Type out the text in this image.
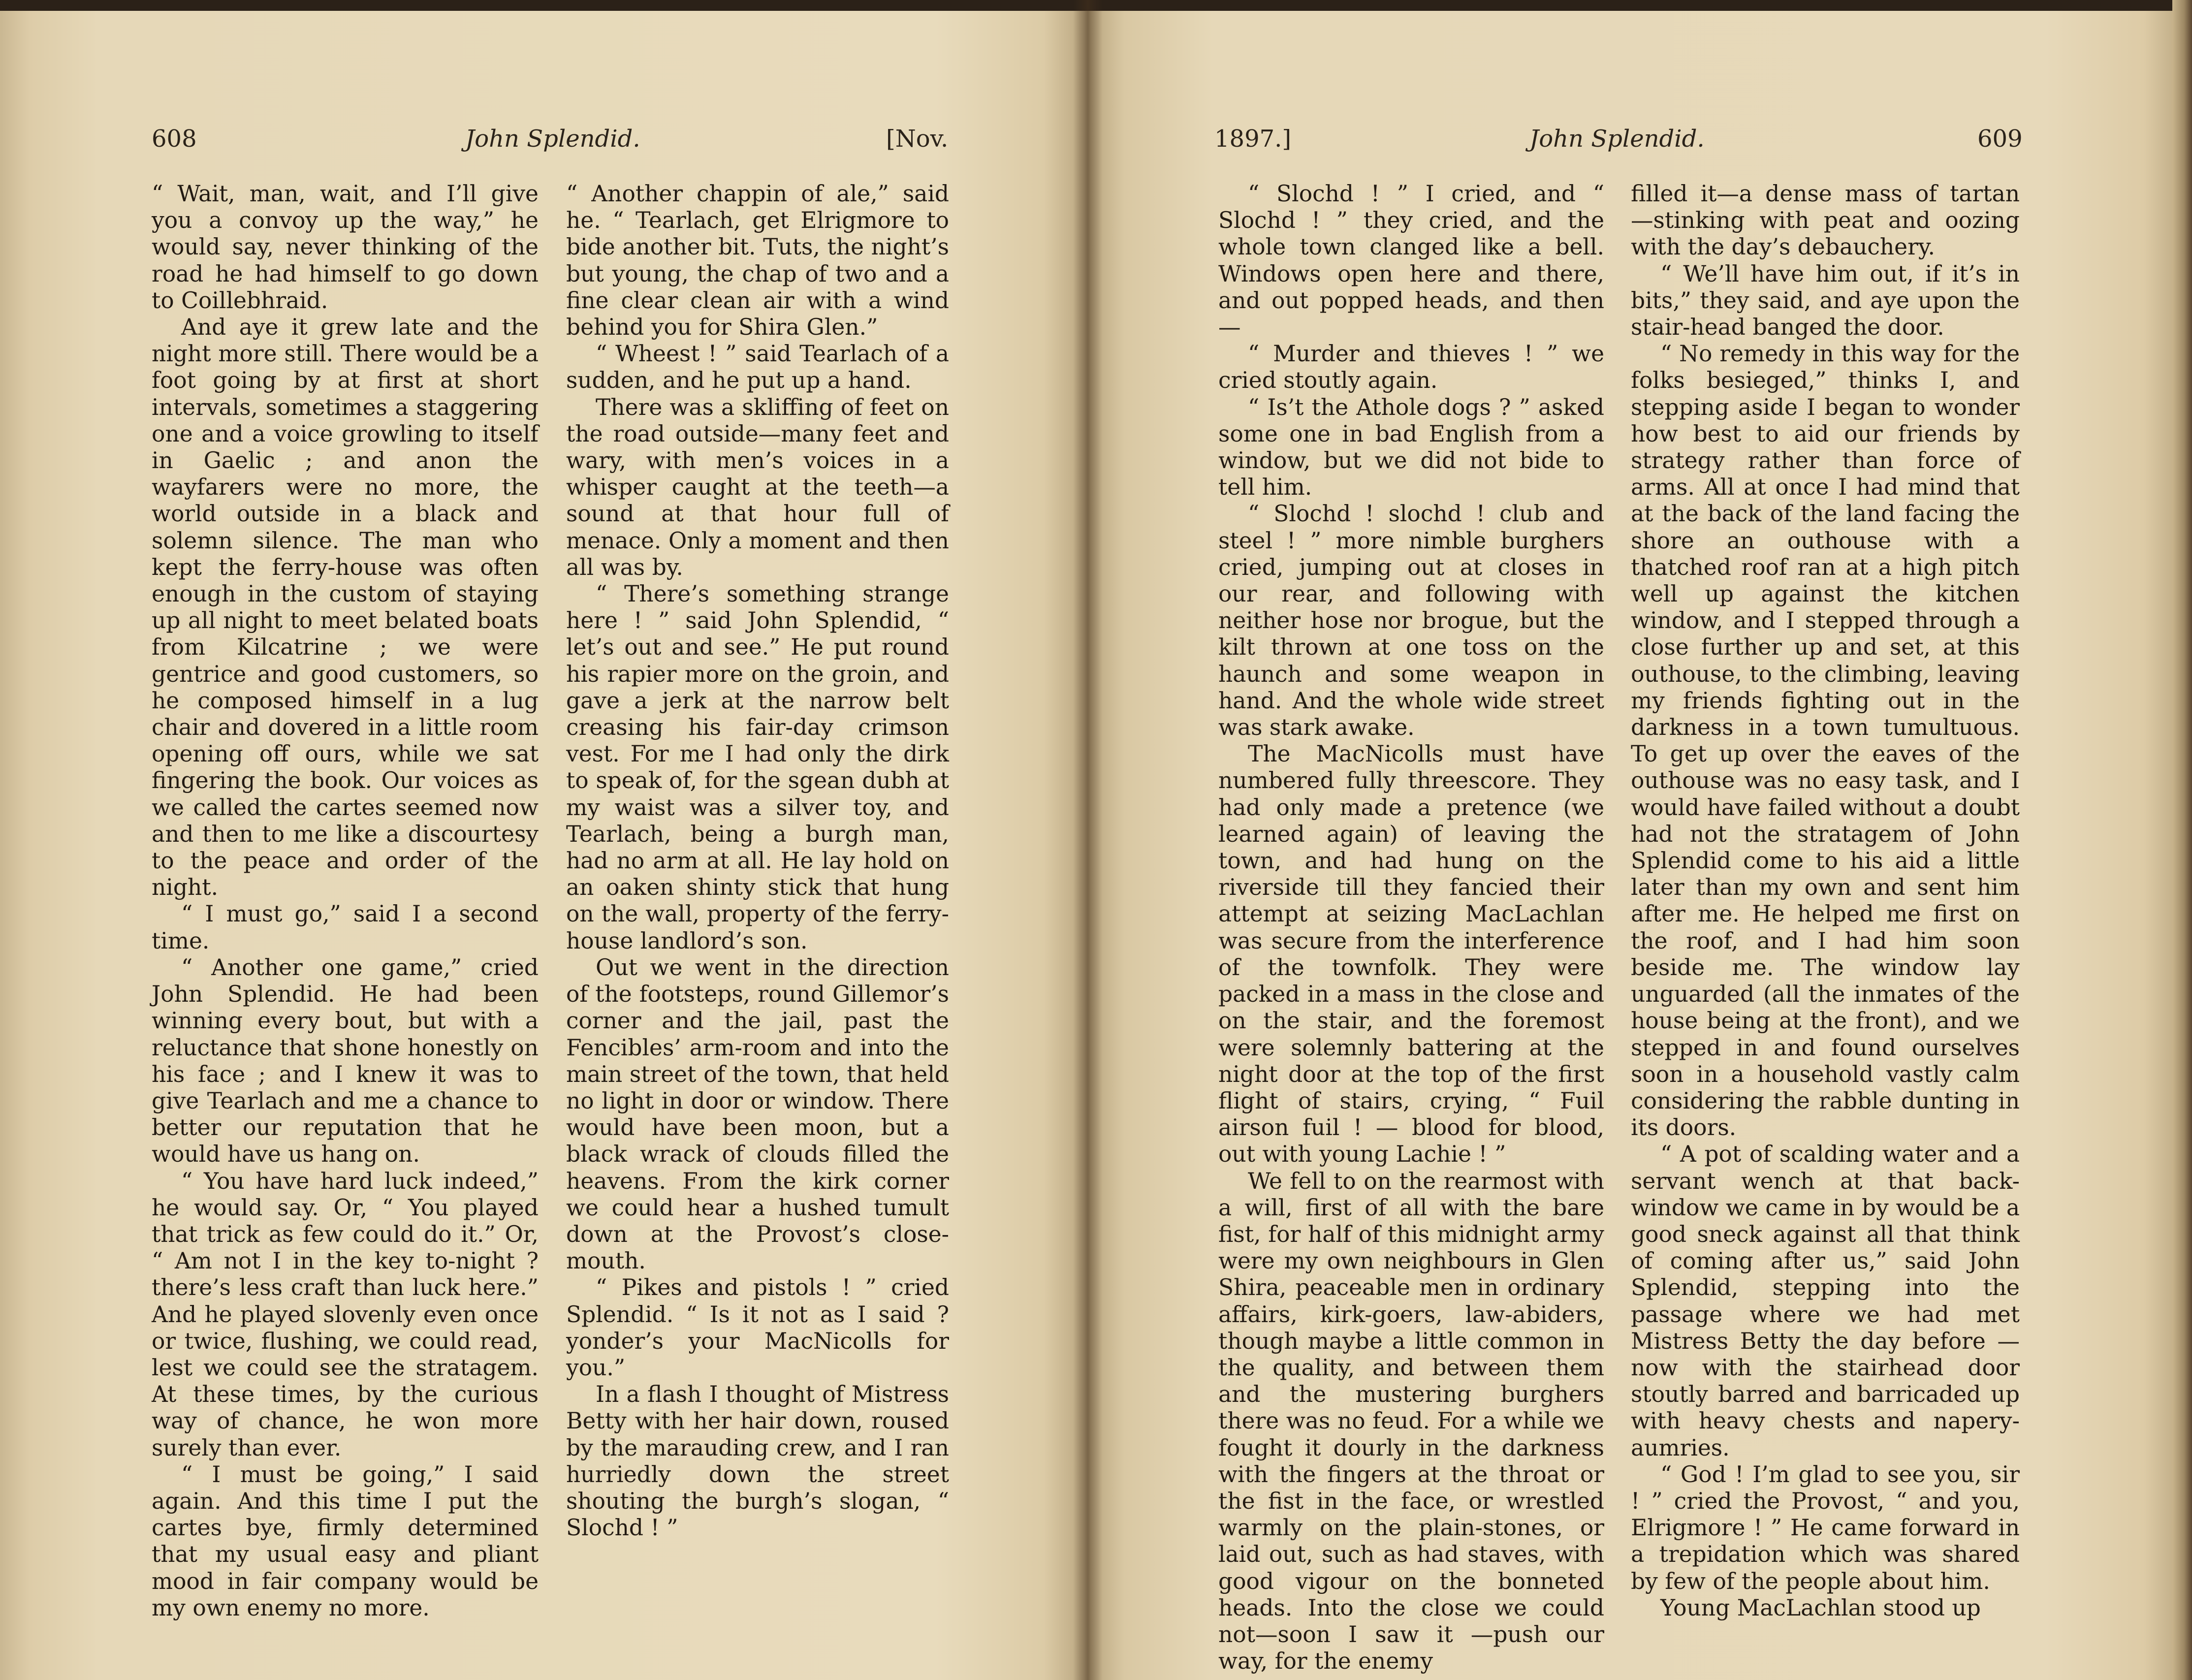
608	John Splendid.	[Nov.

“ Wait, man, wait, and I’ll give you a convoy up the way,” he would say, never thinking of the road he had himself to go down to Coillebhraid.

And aye it grew late and the night more still. There would be a foot going by at first at short intervals, sometimes a staggering one and a voice growling to itself in Gaelic ; and anon the wayfarers were no more, the world outside in a black and solemn silence. The man who kept the ferry-house was often enough in the custom of staying up all night to meet belated boats from Kilcatrine ; we were gentrice and good customers, so he composed himself in a lug chair and dovered in a little room opening off ours, while we sat fingering the book. Our voices as we called the cartes seemed now and then to me like a discourtesy to the peace and order of the night.

“ I must go,” said I a second time.

“ Another one game,” cried John Splendid. He had been winning every bout, but with a reluctance that shone honestly on his face ; and I knew it was to give Tearlach and me a chance to better our reputation that he would have us hang on.

“ You have hard luck indeed,” he would say. Or, “ You played that trick as few could do it.” Or, “ Am not I in the key to-night ? there’s less craft than luck here.” And he played slovenly even once or twice, flushing, we could read, lest we could see the stratagem. At these times, by the curious way of chance, he won more surely than ever.

“ I must be going,” I said again. And this time I put the cartes bye, firmly determined that my usual easy and pliant mood in fair company would be my own enemy no more.

“ Another chappin of ale,” said he. “ Tearlach, get Elrigmore to bide another bit. Tuts, the night’s but young, the chap of two and a fine clear clean air with a wind behind you for Shira Glen.”

“ Wheest ! ” said Tearlach of a sudden, and he put up a hand.

There was a skliffing of feet on the road outside—many feet and wary, with men’s voices in a whisper caught at the teeth—a sound at that hour full of menace. Only a moment and then all was by.

“ There’s something strange here ! ” said John Splendid, “ let’s out and see.” He put round his rapier more on the groin, and gave a jerk at the narrow belt creasing his fair-day crimson vest. For me I had only the dirk to speak of, for the sgean dubh at my waist was a silver toy, and Tearlach, being a burgh man, had no arm at all. He lay hold on an oaken shinty stick that hung on the wall, property of the ferry-house landlord’s son.

Out we went in the direction of the footsteps, round Gillemor’s corner and the jail, past the Fencibles’ arm-room and into the main street of the town, that held no light in door or window. There would have been moon, but a black wrack of clouds filled the heavens. From the kirk corner we could hear a hushed tumult down at the Provost’s close-mouth.

“ Pikes and pistols ! ” cried Splendid. “ Is it not as I said ? yonder’s your MacNicolls for you.”

In a flash I thought of Mistress Betty with her hair down, roused by the marauding crew, and I ran hurriedly down the street shouting the burgh’s slogan, “ Slochd ! ”

1897.]	John Splendid.	609

“ Slochd ! ” I cried, and “ Slochd ! ” they cried, and the whole town clanged like a bell. Windows open here and there, and out popped heads, and then—

“ Murder and thieves ! ” we cried stoutly again.

“ Is’t the Athole dogs ? ” asked some one in bad English from a window, but we did not bide to tell him.

“ Slochd ! slochd ! club and steel ! ” more nimble burghers cried, jumping out at closes in our rear, and following with neither hose nor brogue, but the kilt thrown at one toss on the haunch and some weapon in hand. And the whole wide street was stark awake.

The MacNicolls must have numbered fully threescore. They had only made a pretence (we learned again) of leaving the town, and had hung on the riverside till they fancied their attempt at seizing MacLachlan was secure from the interference of the townfolk. They were packed in a mass in the close and on the stair, and the foremost were solemnly battering at the night door at the top of the first flight of stairs, crying, “ Fuil airson fuil ! — blood for blood, out with young Lachie ! ”

We fell to on the rearmost with a will, first of all with the bare fist, for half of this midnight army were my own neighbours in Glen Shira, peaceable men in ordinary affairs, kirk-goers, law-abiders, though maybe a little common in the quality, and between them and the mustering burghers there was no feud. For a while we fought it dourly in the darkness with the fingers at the throat or the fist in the face, or wrestled warmly on the plain-stones, or laid out, such as had staves, with good vigour on the bonneted heads. Into the close we could not—soon I saw it —push our way, for the enemy

filled it—a dense mass of tartan —stinking with peat and oozing with the day’s debauchery.

“ We’ll have him out, if it’s in bits,” they said, and aye upon the stair-head banged the door.

“ No remedy in this way for the folks besieged,” thinks I, and stepping aside I began to wonder how best to aid our friends by strategy rather than force of arms. All at once I had mind that at the back of the land facing the shore an outhouse with a thatched roof ran at a high pitch well up against the kitchen window, and I stepped through a close further up and set, at this outhouse, to the climbing, leaving my friends fighting out in the darkness in a town tumultuous. To get up over the eaves of the outhouse was no easy task, and I would have failed without a doubt had not the stratagem of John Splendid come to his aid a little later than my own and sent him after me. He helped me first on the roof, and I had him soon beside me. The window lay unguarded (all the inmates of the house being at the front), and we stepped in and found ourselves soon in a household vastly calm considering the rabble dunting in its doors.

“ A pot of scalding water and a servant wench at that back-window we came in by would be a good sneck against all that think of coming after us,” said John Splendid, stepping into the passage where we had met Mistress Betty the day before — now with the stairhead door stoutly barred and barricaded up with heavy chests and napery-aumries.

“ God ! I’m glad to see you, sir ! ” cried the Provost, “ and you, Elrigmore ! ” He came forward in a trepidation which was shared by few of the people about him.

Young MacLachlan stood up
